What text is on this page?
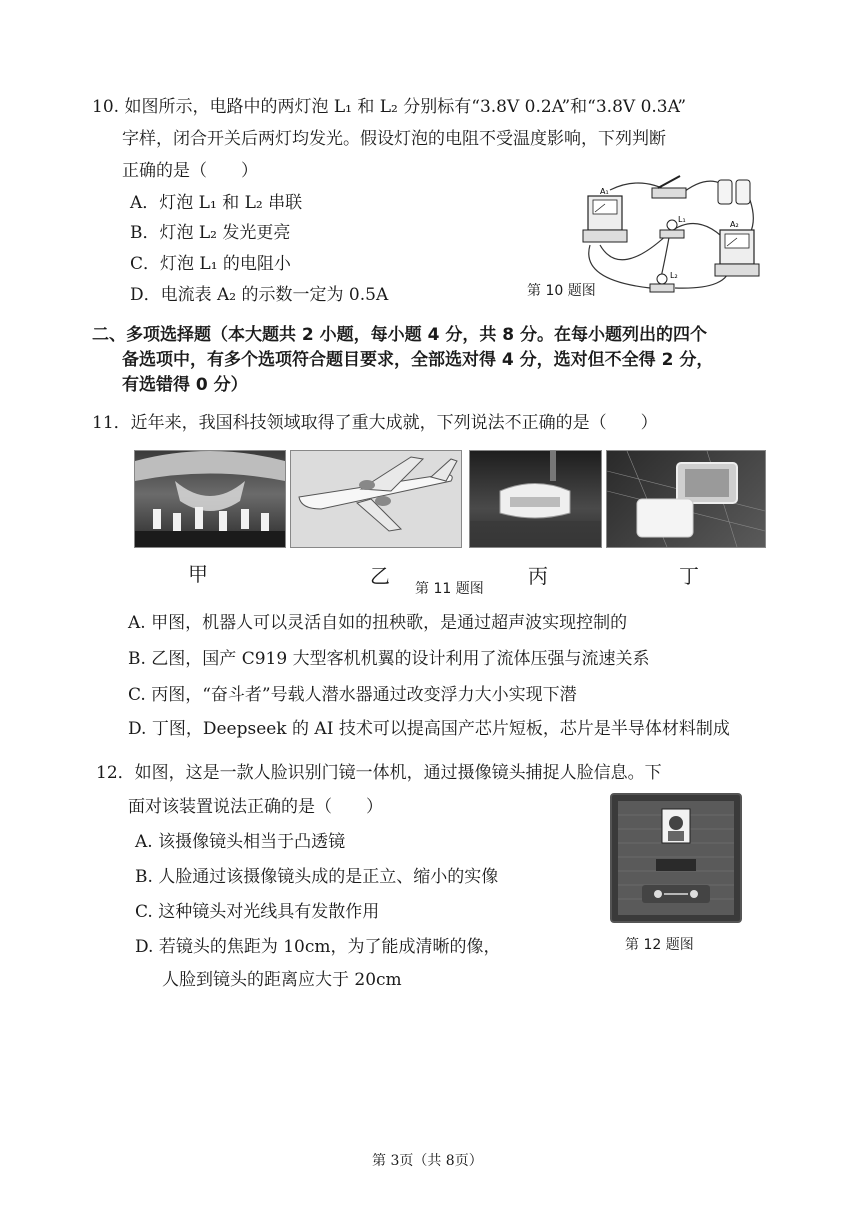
10. 如图所示，电路中的两灯泡 L₁ 和 L₂ 分别标有“3.8V 0.2A”和“3.8V 0.3A”
字样，闭合开关后两灯均发光。假设灯泡的电阻不受温度影响，下列判断
正确的是（　　）
A．灯泡 L₁ 和 L₂ 串联
B．灯泡 L₂ 发光更亮
C．灯泡 L₁ 的电阻小
D．电流表 A₂ 的示数一定为 0.5A
A₁
L₁
A₂
L₂
第 10 题图
二、多项选择题（本大题共 2 小题，每小题 4 分，共 8 分。在每小题列出的四个
备选项中，有多个选项符合题目要求，全部选对得 4 分，选对但不全得 2 分，
有选错得 0 分）
11．近年来，我国科技领域取得了重大成就，下列说法不正确的是（　　）
甲	乙	丙	丁
第 11 题图
A. 甲图，机器人可以灵活自如的扭秧歌，是通过超声波实现控制的
B. 乙图，国产 C919 大型客机机翼的设计利用了流体压强与流速关系
C. 丙图，“奋斗者”号载人潜水器通过改变浮力大小实现下潜
D. 丁图，Deepseek 的 AI 技术可以提高国产芯片短板，芯片是半导体材料制成
12．如图，这是一款人脸识别门镜一体机，通过摄像镜头捕捉人脸信息。下
面对该装置说法正确的是（　　）
A. 该摄像镜头相当于凸透镜
B. 人脸通过该摄像镜头成的是正立、缩小的实像
C. 这种镜头对光线具有发散作用
D. 若镜头的焦距为 10cm，为了能成清晰的像，
人脸到镜头的距离应大于 20cm
第 12 题图
第 3页（共 8页）
